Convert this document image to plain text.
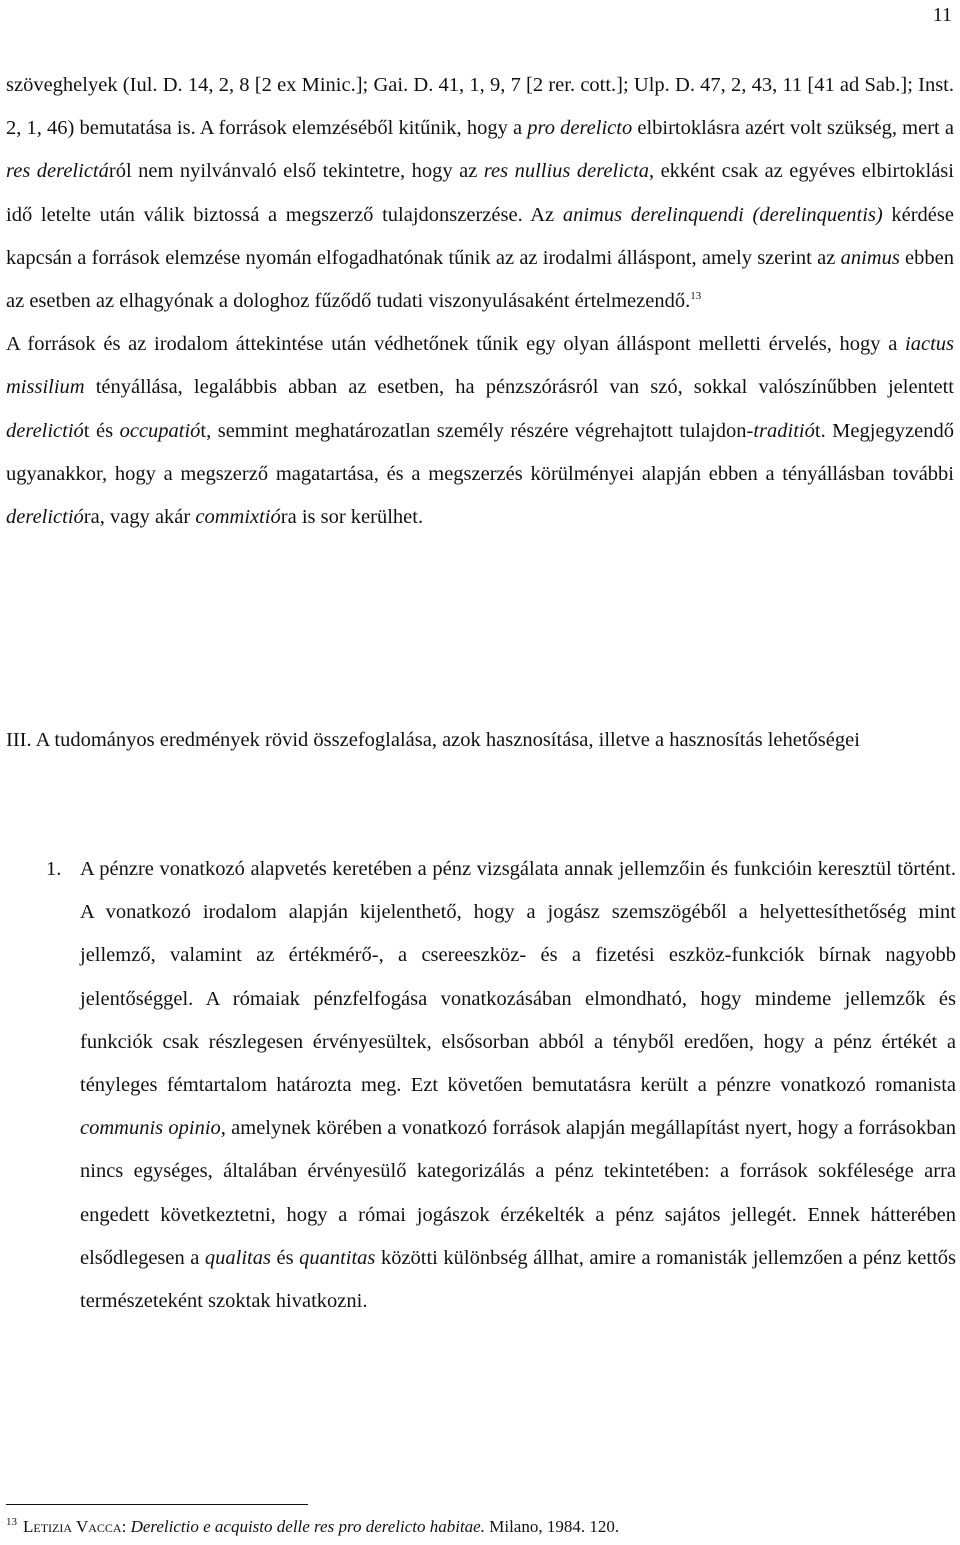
11

szöveghelyek (Iul. D. 14, 2, 8 [2 ex Minic.]; Gai. D. 41, 1, 9, 7 [2 rer. cott.]; Ulp. D. 47, 2, 43, 11 [41 ad Sab.]; Inst. 2, 1, 46) bemutatása is. A források elemzéséből kitűnik, hogy a pro derelicto elbirtoklásra azért volt szükség, mert a res derelictáról nem nyilvánvaló első tekintetre, hogy az res nullius derelicta, ekként csak az egyéves elbirtoklási idő letelte után válik biztossá a megszerző tulajdonszerzése. Az animus derelinquendi (derelinquentis) kérdése kapcsán a források elemzése nyomán elfogadhatónak tűnik az az irodalmi álláspont, amely szerint az animus ebben az esetben az elhagyónak a dologhoz fűződő tudati viszonyulásaként értelmezendő.$^{13}$

A források és az irodalom áttekintése után védhetőnek tűnik egy olyan álláspont melletti érvelés, hogy a iactus missilium tényállása, legalábbis abban az esetben, ha pénzszórásról van szó, sokkal valószínűbben jelentett derelictiót és occupatiót, semmint meghatározatlan személy részére végrehajtott tulajdon-traditiót. Megjegyzendő ugyanakkor, hogy a megszerző magatartása, és a megszerzés körülményei alapján ebben a tényállásban további derelictióra, vagy akár commixtióra is sor kerülhet.

III. A tudományos eredmények rövid összefoglalása, azok hasznosítása, illetve a hasznosítás lehetőségei

1. A pénzre vonatkozó alapvetés keretében a pénz vizsgálata annak jellemzőin és funkcióin keresztül történt. A vonatkozó irodalom alapján kijelenthető, hogy a jogász szemszögéből a helyettesíthetőség mint jellemző, valamint az értékmérő-, a csereeszköz- és a fizetési eszköz-funkciók bírnak nagyobb jelentőséggel. A rómaiak pénzfelfogása vonatkozásában elmondható, hogy mindeme jellemzők és funkciók csak részlegesen érvényesültek, elsősorban abból a tényből eredően, hogy a pénz értékét a tényleges fémtartalom határozta meg. Ezt követően bemutatásra került a pénzre vonatkozó romanista communis opinio, amelynek körében a vonatkozó források alapján megállapítást nyert, hogy a forrásokban nincs egységes, általában érvényesülő kategorizálás a pénz tekintetében: a források sokfélesége arra engedett következtetni, hogy a római jogászok érzékelték a pénz sajátos jellegét. Ennek hátterében elsődlegesen a qualitas és quantitas közötti különbség állhat, amire a romanisták jellemzően a pénz kettős természeteként szoktak hivatkozni.
$^{13}$ Letizia Vacca: Derelictio e acquisto delle res pro derelicto habitae. Milano, 1984. 120.
